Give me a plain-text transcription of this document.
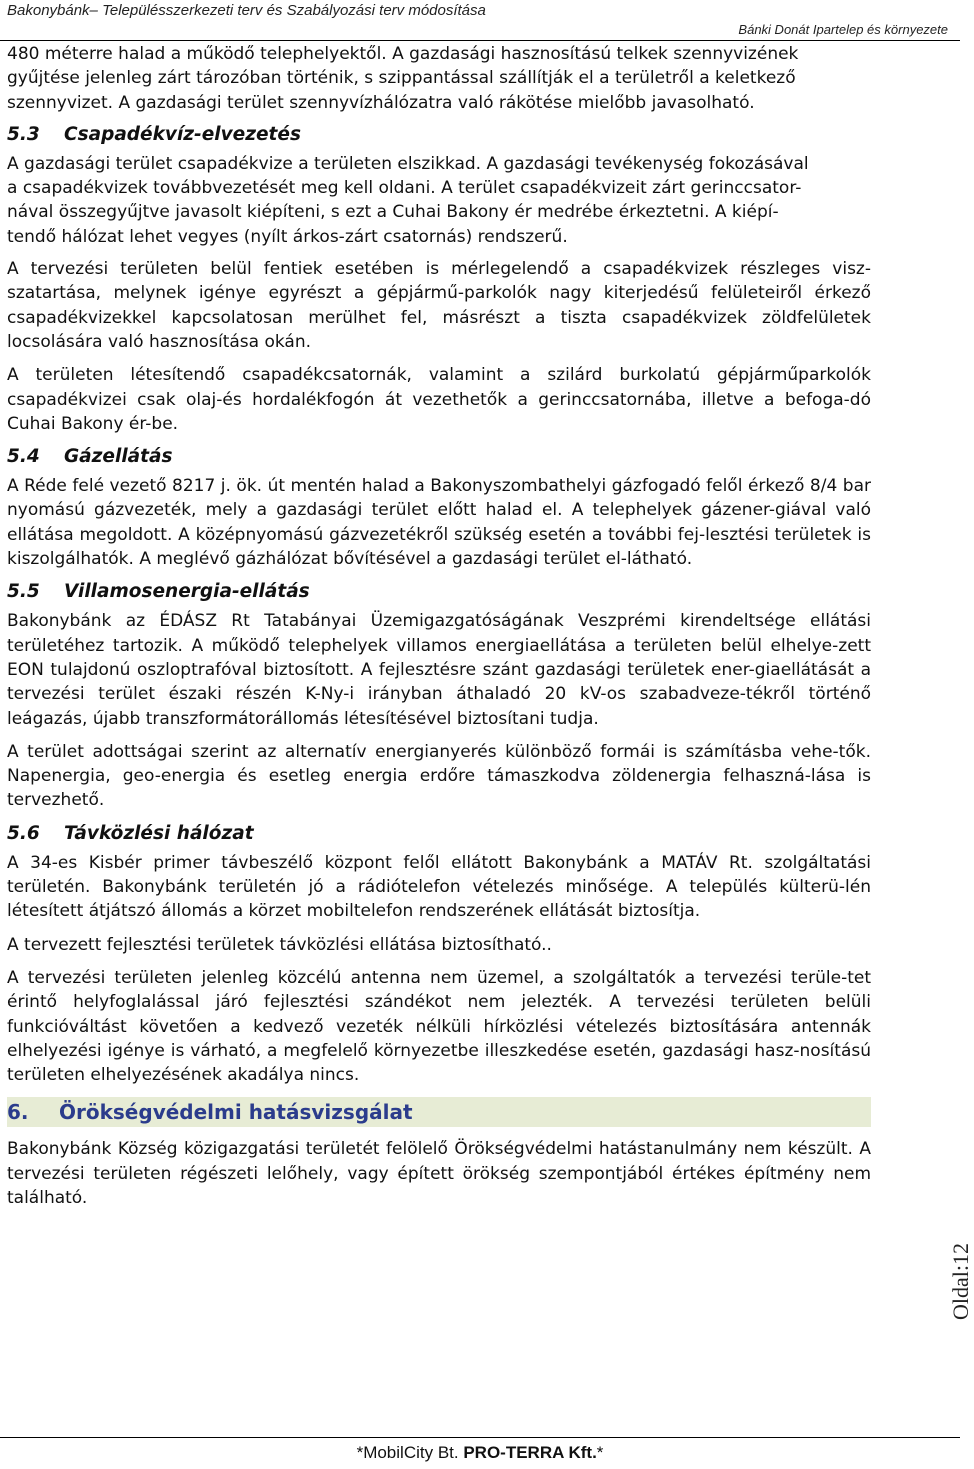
Bakonybánk– Településszerkezeti terv és Szabályozási terv módosítása
Bánki Donát Ipartelep és környezete

480 méterre halad a működő telephelyektől. A gazdasági hasznosítású telkek szennyvizének

gyűjtése jelenleg zárt tározóban történik, s szippantással szállítják el a területről a keletkező

szennyvizet. A gazdasági terület szennyvízhálózatra való rákötése mielőbb javasolható.

5.3 Csapadékvíz-elvezetés

A gazdasági terület csapadékvize a területen elszikkad. A gazdasági tevékenység fokozásával

a csapadékvizek továbbvezetését meg kell oldani. A terület csapadékvizeit zárt gerinccsator-

nával összegyűjtve javasolt kiépíteni, s ezt a Cuhai Bakony ér medrébe érkeztetni. A kiépí-

tendő hálózat lehet vegyes (nyílt árkos-zárt csatornás) rendszerű.

A tervezési területen belül fentiek esetében is mérlegelendő a csapadékvizek részleges visz-szatartása, melynek igénye egyrészt a gépjármű-parkolók nagy kiterjedésű felületeiről érkező csapadékvizekkel kapcsolatosan merülhet fel, másrészt a tiszta csapadékvizek zöldfelületek locsolására való hasznosítása okán.

A területen létesítendő csapadékcsatornák, valamint a szilárd burkolatú gépjárműparkolók csapadékvizei csak olaj-és hordalékfogón át vezethetők a gerinccsatornába, illetve a befoga-dó Cuhai Bakony ér-be.

5.4 Gázellátás

A Réde felé vezető 8217 j. ök. út mentén halad a Bakonyszombathelyi gázfogadó felől érkező 8/4 bar nyomású gázvezeték, mely a gazdasági terület előtt halad el. A telephelyek gázener-giával való ellátása megoldott. A középnyomású gázvezetékről szükség esetén a további fej-lesztési területek is kiszolgálhatók. A meglévő gázhálózat bővítésével a gazdasági terület el-látható.

5.5 Villamosenergia-ellátás

Bakonybánk az ÉDÁSZ Rt Tatabányai Üzemigazgatóságának Veszprémi kirendeltsége ellátási területéhez tartozik. A működő telephelyek villamos energiaellátása a területen belül elhelye-zett EON tulajdonú oszloptrafóval biztosított. A fejlesztésre szánt gazdasági területek ener-giaellátását a tervezési terület északi részén K-Ny-i irányban áthaladó 20 kV-os szabadveze-tékről történő leágazás, újabb transzformátorállomás létesítésével biztosítani tudja.

A terület adottságai szerint az alternatív energianyerés különböző formái is számításba vehe-tők. Napenergia, geo-energia és esetleg energia erdőre támaszkodva zöldenergia felhaszná-lása is tervezhető.

5.6 Távközlési hálózat

A 34-es Kisbér primer távbeszélő központ felől ellátott Bakonybánk a MATÁV Rt. szolgáltatási területén. Bakonybánk területén jó a rádiótelefon vételezés minősége. A település külterü-lén létesített átjátszó állomás a körzet mobiltelefon rendszerének ellátását biztosítja.

A tervezett fejlesztési területek távközlési ellátása biztosítható..

A tervezési területen jelenleg közcélú antenna nem üzemel, a szolgáltatók a tervezési terüle-tet érintő helyfoglalással járó fejlesztési szándékot nem jelezték. A tervezési területen belüli funkcióváltást követően a kedvező vezeték nélküli hírközlési vételezés biztosítására antennák elhelyezési igénye is várható, a megfelelő környezetbe illeszkedése esetén, gazdasági hasz-nosítású területen elhelyezésének akadálya nincs.

6. Örökségvédelmi hatásvizsgálat

Bakonybánk Község közigazgatási területét felölelő Örökségvédelmi hatástanulmány nem készült. A tervezési területen régészeti lelőhely, vagy épített örökség szempontjából értékes építmény nem található.

Oldal:12
*MobilCity Bt. PRO-TERRA Kft.*
